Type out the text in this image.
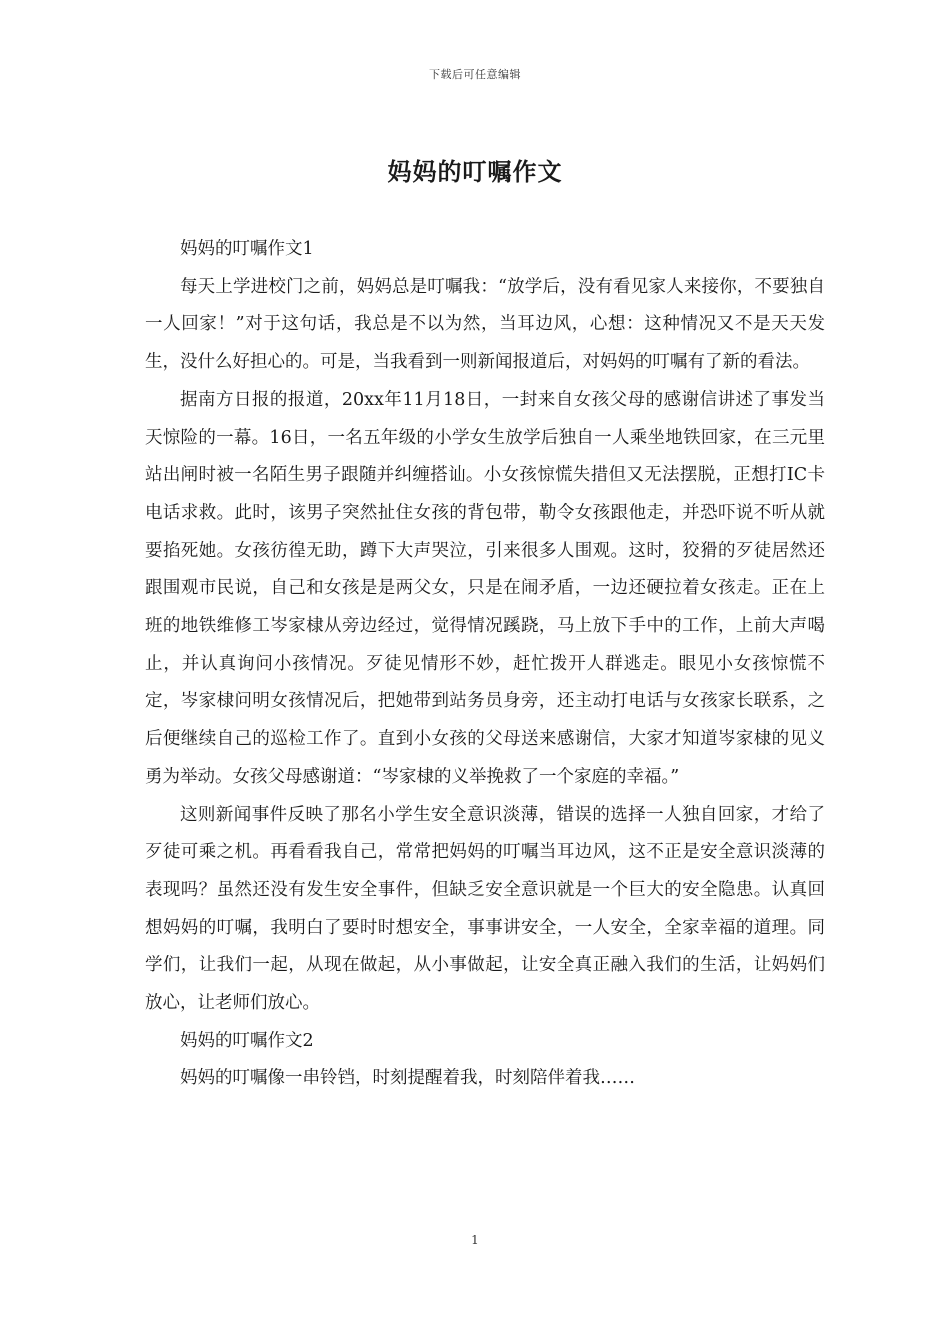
下载后可任意编辑
妈妈的叮嘱作文

妈妈的叮嘱作文1

每天上学进校门之前，妈妈总是叮嘱我：“放学后，没有看见家人来接你，不要独自一人回家！”对于这句话，我总是不以为然，当耳边风，心想：这种情况又不是天天发生，没什么好担心的。可是，当我看到一则新闻报道后，对妈妈的叮嘱有了新的看法。

据南方日报的报道，20xx年11月18日，一封来自女孩父母的感谢信讲述了事发当天惊险的一幕。16日，一名五年级的小学女生放学后独自一人乘坐地铁回家，在三元里站出闸时被一名陌生男子跟随并纠缠搭讪。小女孩惊慌失措但又无法摆脱，正想打IC卡电话求救。此时，该男子突然扯住女孩的背包带，勒令女孩跟他走，并恐吓说不听从就要掐死她。女孩彷徨无助，蹲下大声哭泣，引来很多人围观。这时，狡猾的歹徒居然还跟围观市民说，自己和女孩是是两父女，只是在闹矛盾，一边还硬拉着女孩走。正在上班的地铁维修工岑家棣从旁边经过，觉得情况蹊跷，马上放下手中的工作，上前大声喝止，并认真询问小孩情况。歹徒见情形不妙，赶忙拨开人群逃走。眼见小女孩惊慌不定，岑家棣问明女孩情况后，把她带到站务员身旁，还主动打电话与女孩家长联系，之后便继续自己的巡检工作了。直到小女孩的父母送来感谢信，大家才知道岑家棣的见义勇为举动。女孩父母感谢道：“岑家棣的义举挽救了一个家庭的幸福。”

这则新闻事件反映了那名小学生安全意识淡薄，错误的选择一人独自回家，才给了歹徒可乘之机。再看看我自己，常常把妈妈的叮嘱当耳边风，这不正是安全意识淡薄的表现吗？虽然还没有发生安全事件，但缺乏安全意识就是一个巨大的安全隐患。认真回想妈妈的叮嘱，我明白了要时时想安全，事事讲安全，一人安全，全家幸福的道理。同学们，让我们一起，从现在做起，从小事做起，让安全真正融入我们的生活，让妈妈们放心，让老师们放心。

妈妈的叮嘱作文2

妈妈的叮嘱像一串铃铛，时刻提醒着我，时刻陪伴着我……

1
